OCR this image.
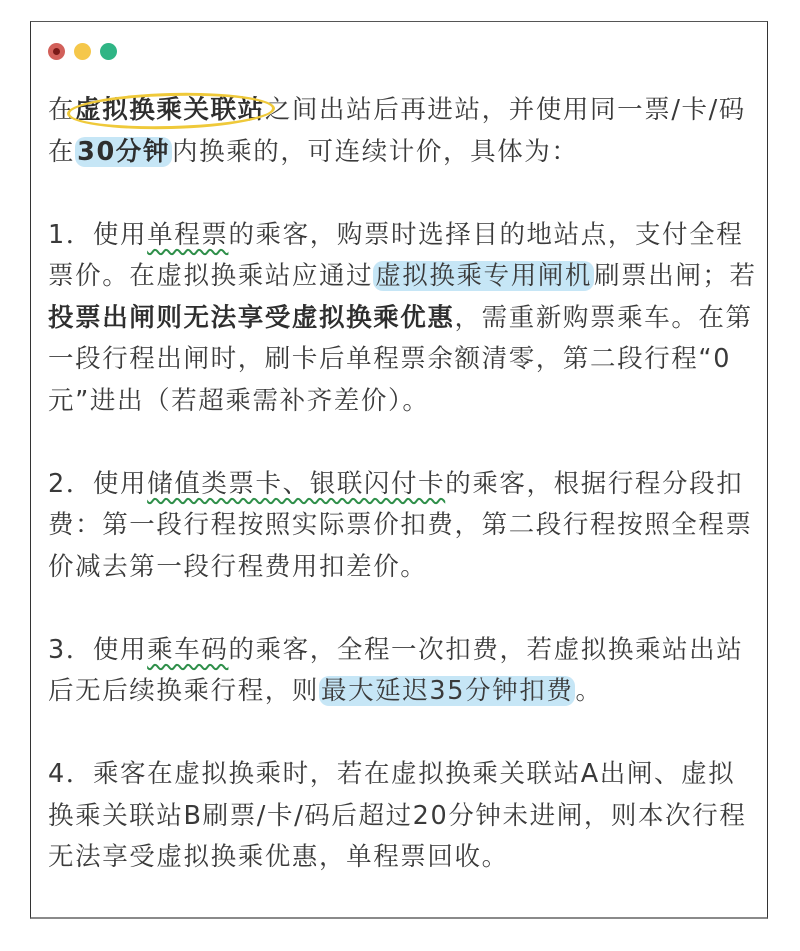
在虚拟换乘关联站之间出站后再进站，并使用同一票/卡/码在30分钟内换乘的，可连续计价，具体为：

1．使用单程票的乘客，购票时选择目的地站点，支付全程票价。在虚拟换乘站应通过虚拟换乘专用闸机刷票出闸；若投票出闸则无法享受虚拟换乘优惠，需重新购票乘车。在第一段行程出闸时，刷卡后单程票余额清零，第二段行程“0元”进出（若超乘需补齐差价）。

2．使用储值类票卡、银联闪付卡的乘客，根据行程分段扣费：第一段行程按照实际票价扣费，第二段行程按照全程票价减去第一段行程费用扣差价。

3．使用乘车码的乘客，全程一次扣费，若虚拟换乘站出站后无后续换乘行程，则最大延迟35分钟扣费。

4．乘客在虚拟换乘时，若在虚拟换乘关联站A出闸、虚拟换乘关联站B刷票/卡/码后超过20分钟未进闸，则本次行程无法享受虚拟换乘优惠，单程票回收。
